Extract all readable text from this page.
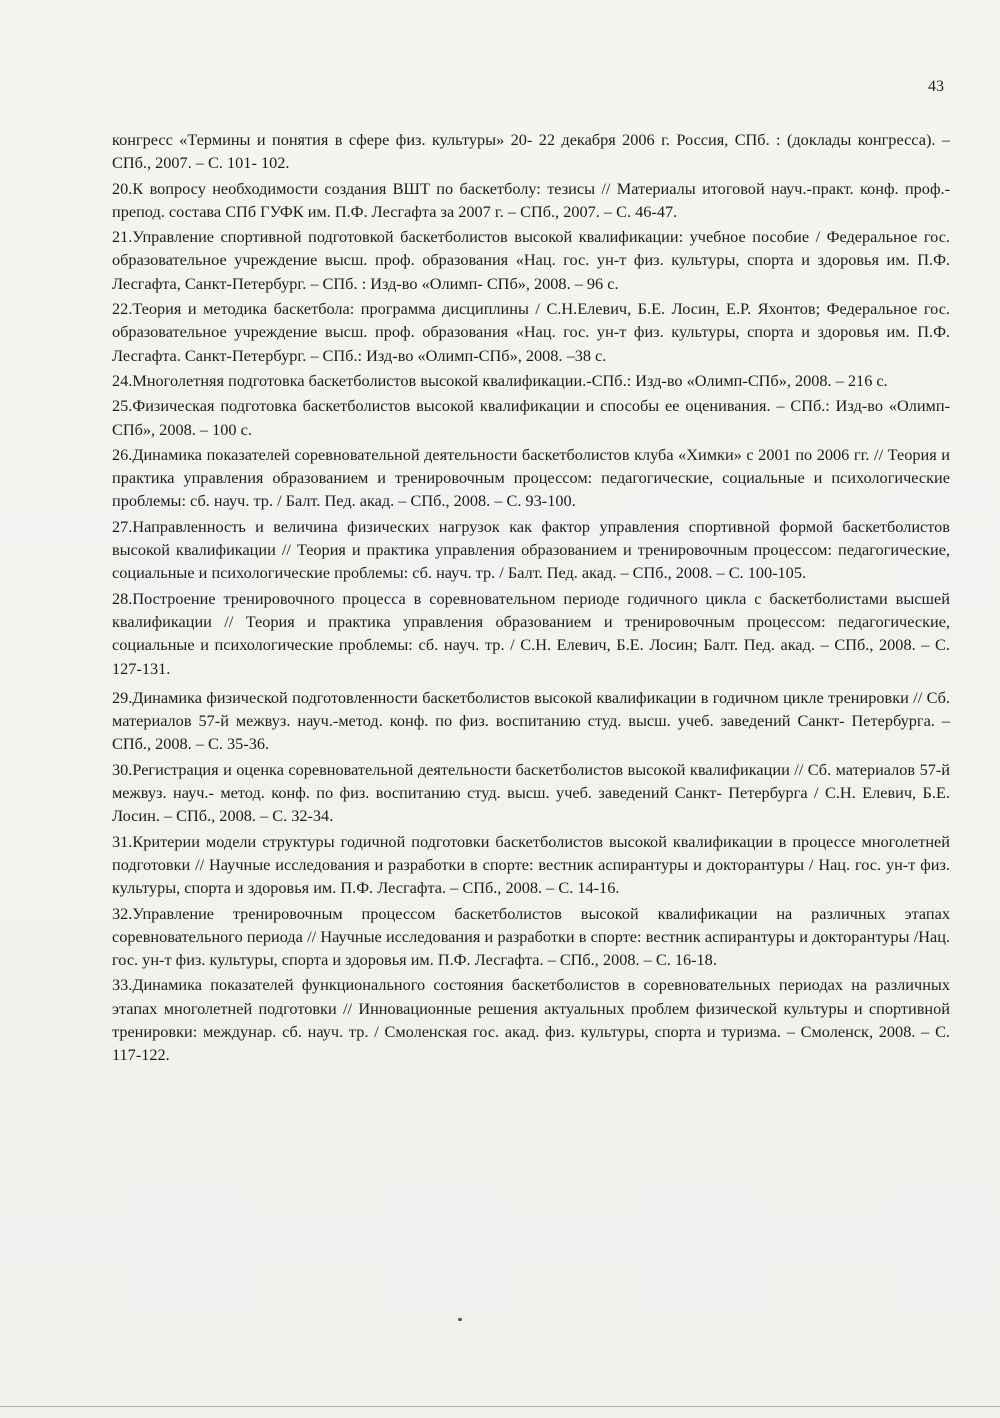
43

конгресс «Термины и понятия в сфере физ. культуры» 20- 22 декабря 2006 г. Россия, СПб. : (доклады конгресса). – СПб., 2007. – С. 101- 102.

20.К вопросу необходимости создания ВШТ по баскетболу: тезисы // Материалы итоговой науч.-практ. конф. проф.-препод. состава СПб ГУФК им. П.Ф. Лесгафта за 2007 г. – СПб., 2007. – С. 46-47.

21.Управление спортивной подготовкой баскетболистов высокой квалификации: учебное пособие / Федеральное гос. образовательное учреждение высш. проф. образования «Нац. гос. ун-т физ. культуры, спорта и здоровья им. П.Ф. Лесгафта, Санкт-Петербург. – СПб. : Изд-во «Олимп- СПб», 2008. – 96 с.

22.Теория и методика баскетбола: программа дисциплины / С.Н.Елевич, Б.Е. Лосин, Е.Р. Яхонтов; Федеральное гос. образовательное учреждение высш. проф. образования «Нац. гос. ун-т физ. культуры, спорта и здоровья им. П.Ф. Лесгафта. Санкт-Петербург. – СПб.: Изд-во «Олимп-СПб», 2008. –38 с.

24.Многолетняя подготовка баскетболистов высокой квалификации.-СПб.: Изд-во «Олимп-СПб», 2008. – 216 с.

25.Физическая подготовка баскетболистов высокой квалификации и способы ее оценивания. – СПб.: Изд-во «Олимп-СПб», 2008. – 100 с.

26.Динамика показателей соревновательной деятельности баскетболистов клуба «Химки» с 2001 по 2006 гг. // Теория и практика управления образованием и тренировочным процессом: педагогические, социальные и психологические проблемы: сб. науч. тр. / Балт. Пед. акад. – СПб., 2008. – С. 93-100.

27.Направленность и величина физических нагрузок как фактор управления спортивной формой баскетболистов высокой квалификации // Теория и практика управления образованием и тренировочным процессом: педагогические, социальные и психологические проблемы: сб. науч. тр. / Балт. Пед. акад. – СПб., 2008. – С. 100-105.

28.Построение тренировочного процесса в соревновательном периоде годичного цикла с баскетболистами высшей квалификации // Теория и практика управления образованием и тренировочным процессом: педагогические, социальные и психологические проблемы: сб. науч. тр. / С.Н. Елевич, Б.Е. Лосин; Балт. Пед. акад. – СПб., 2008. – С. 127-131.

29.Динамика физической подготовленности баскетболистов высокой квалификации в годичном цикле тренировки // Сб. материалов 57-й межвуз. науч.-метод. конф. по физ. воспитанию студ. высш. учеб. заведений Санкт- Петербурга. – СПб., 2008. – С. 35-36.

30.Регистрация и оценка соревновательной деятельности баскетболистов высокой квалификации // Сб. материалов 57-й межвуз. науч.- метод. конф. по физ. воспитанию студ. высш. учеб. заведений Санкт- Петербурга / С.Н. Елевич, Б.Е. Лосин. – СПб., 2008. – С. 32-34.

31.Критерии модели структуры годичной подготовки баскетболистов высокой квалификации в процессе многолетней подготовки // Научные исследования и разработки в спорте: вестник аспирантуры и докторантуры / Нац. гос. ун-т физ. культуры, спорта и здоровья им. П.Ф. Лесгафта. – СПб., 2008. – С. 14-16.

32.Управление тренировочным процессом баскетболистов высокой квалификации на различных этапах соревновательного периода // Научные исследования и разработки в спорте: вестник аспирантуры и докторантуры /Нац. гос. ун-т физ. культуры, спорта и здоровья им. П.Ф. Лесгафта. – СПб., 2008. – С. 16-18.

33.Динамика показателей функционального состояния баскетболистов в соревновательных периодах на различных этапах многолетней подготовки // Инновационные решения актуальных проблем физической культуры и спортивной тренировки: междунар. сб. науч. тр. / Смоленская гос. акад. физ. культуры, спорта и туризма. – Смоленск, 2008. – С. 117-122.
